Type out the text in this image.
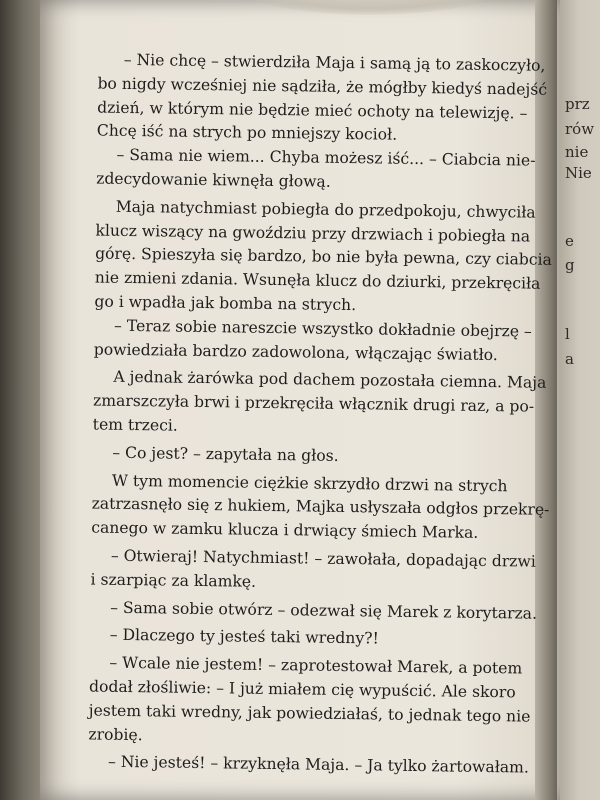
prz
rów
nie
Nie
e
g
l
a
– Nie chcę – stwierdziła Maja i samą ją to zaskoczyło,
bo nigdy wcześniej nie sądziła, że mógłby kiedyś nadejść
dzień, w którym nie będzie mieć ochoty na telewizję. –
Chcę iść na strych po mniejszy kocioł.
– Sama nie wiem... Chyba możesz iść... – Ciabcia nie-
zdecydowanie kiwnęła głową.
Maja natychmiast pobiegła do przedpokoju, chwyciła
klucz wiszący na gwoździu przy drzwiach i pobiegła na
górę. Spieszyła się bardzo, bo nie była pewna, czy ciabcia
nie zmieni zdania. Wsunęła klucz do dziurki, przekręciła
go i wpadła jak bomba na strych.
– Teraz sobie nareszcie wszystko dokładnie obejrzę –
powiedziała bardzo zadowolona, włączając światło.
A jednak żarówka pod dachem pozostała ciemna. Maja
zmarszczyła brwi i przekręciła włącznik drugi raz, a po-
tem trzeci.
– Co jest? – zapytała na głos.
W tym momencie ciężkie skrzydło drzwi na strych
zatrzasnęło się z hukiem, Majka usłyszała odgłos przekrę-
canego w zamku klucza i drwiący śmiech Marka.
– Otwieraj! Natychmiast! – zawołała, dopadając drzwi
i szarpiąc za klamkę.
– Sama sobie otwórz – odezwał się Marek z korytarza.
– Dlaczego ty jesteś taki wredny?!
– Wcale nie jestem! – zaprotestował Marek, a potem
dodał złośliwie: – I już miałem cię wypuścić. Ale skoro
jestem taki wredny, jak powiedziałaś, to jednak tego nie
zrobię.
– Nie jesteś! – krzyknęła Maja. – Ja tylko żartowałam.
